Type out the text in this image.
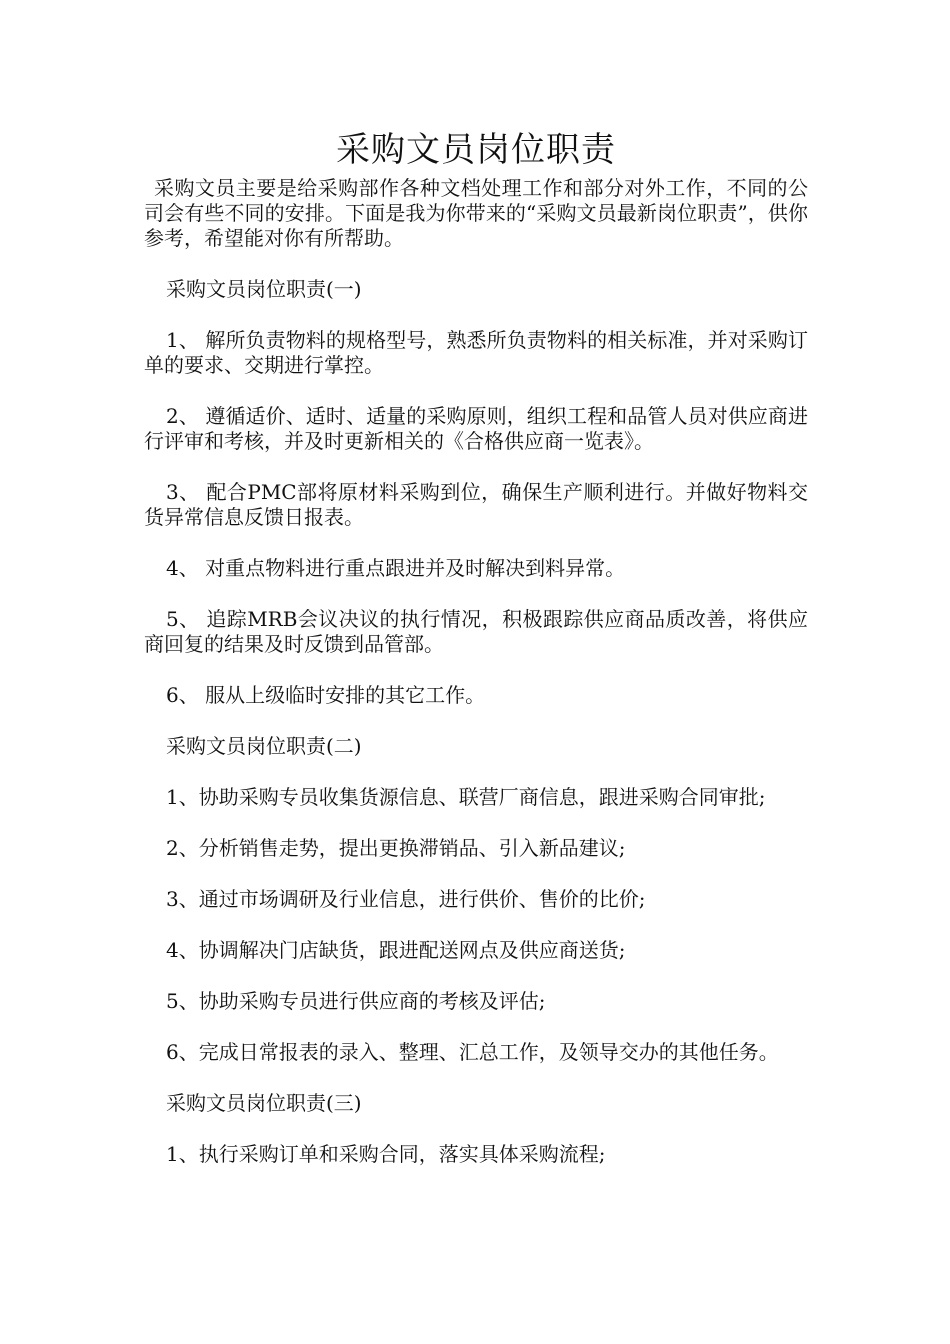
采购文员岗位职责

采购文员主要是给采购部作各种文档处理工作和部分对外工作，不同的公司会有些不同的安排。下面是我为你带来的“采购文员最新岗位职责”，供你参考，希望能对你有所帮助。

采购文员岗位职责(一)

1、 解所负责物料的规格型号，熟悉所负责物料的相关标准，并对采购订单的要求、交期进行掌控。

2、 遵循适价、适时、适量的采购原则，组织工程和品管人员对供应商进行评审和考核，并及时更新相关的《合格供应商一览表》。

3、 配合PMC部将原材料采购到位，确保生产顺利进行。并做好物料交货异常信息反馈日报表。

4、 对重点物料进行重点跟进并及时解决到料异常。

5、 追踪MRB会议决议的执行情况，积极跟踪供应商品质改善，将供应商回复的结果及时反馈到品管部。

6、 服从上级临时安排的其它工作。

采购文员岗位职责(二)

1、协助采购专员收集货源信息、联营厂商信息，跟进采购合同审批;

2、分析销售走势，提出更换滞销品、引入新品建议;

3、通过市场调研及行业信息，进行供价、售价的比价;

4、协调解决门店缺货，跟进配送网点及供应商送货;

5、协助采购专员进行供应商的考核及评估;

6、完成日常报表的录入、整理、汇总工作，及领导交办的其他任务。

采购文员岗位职责(三)

1、执行采购订单和采购合同，落实具体采购流程;
